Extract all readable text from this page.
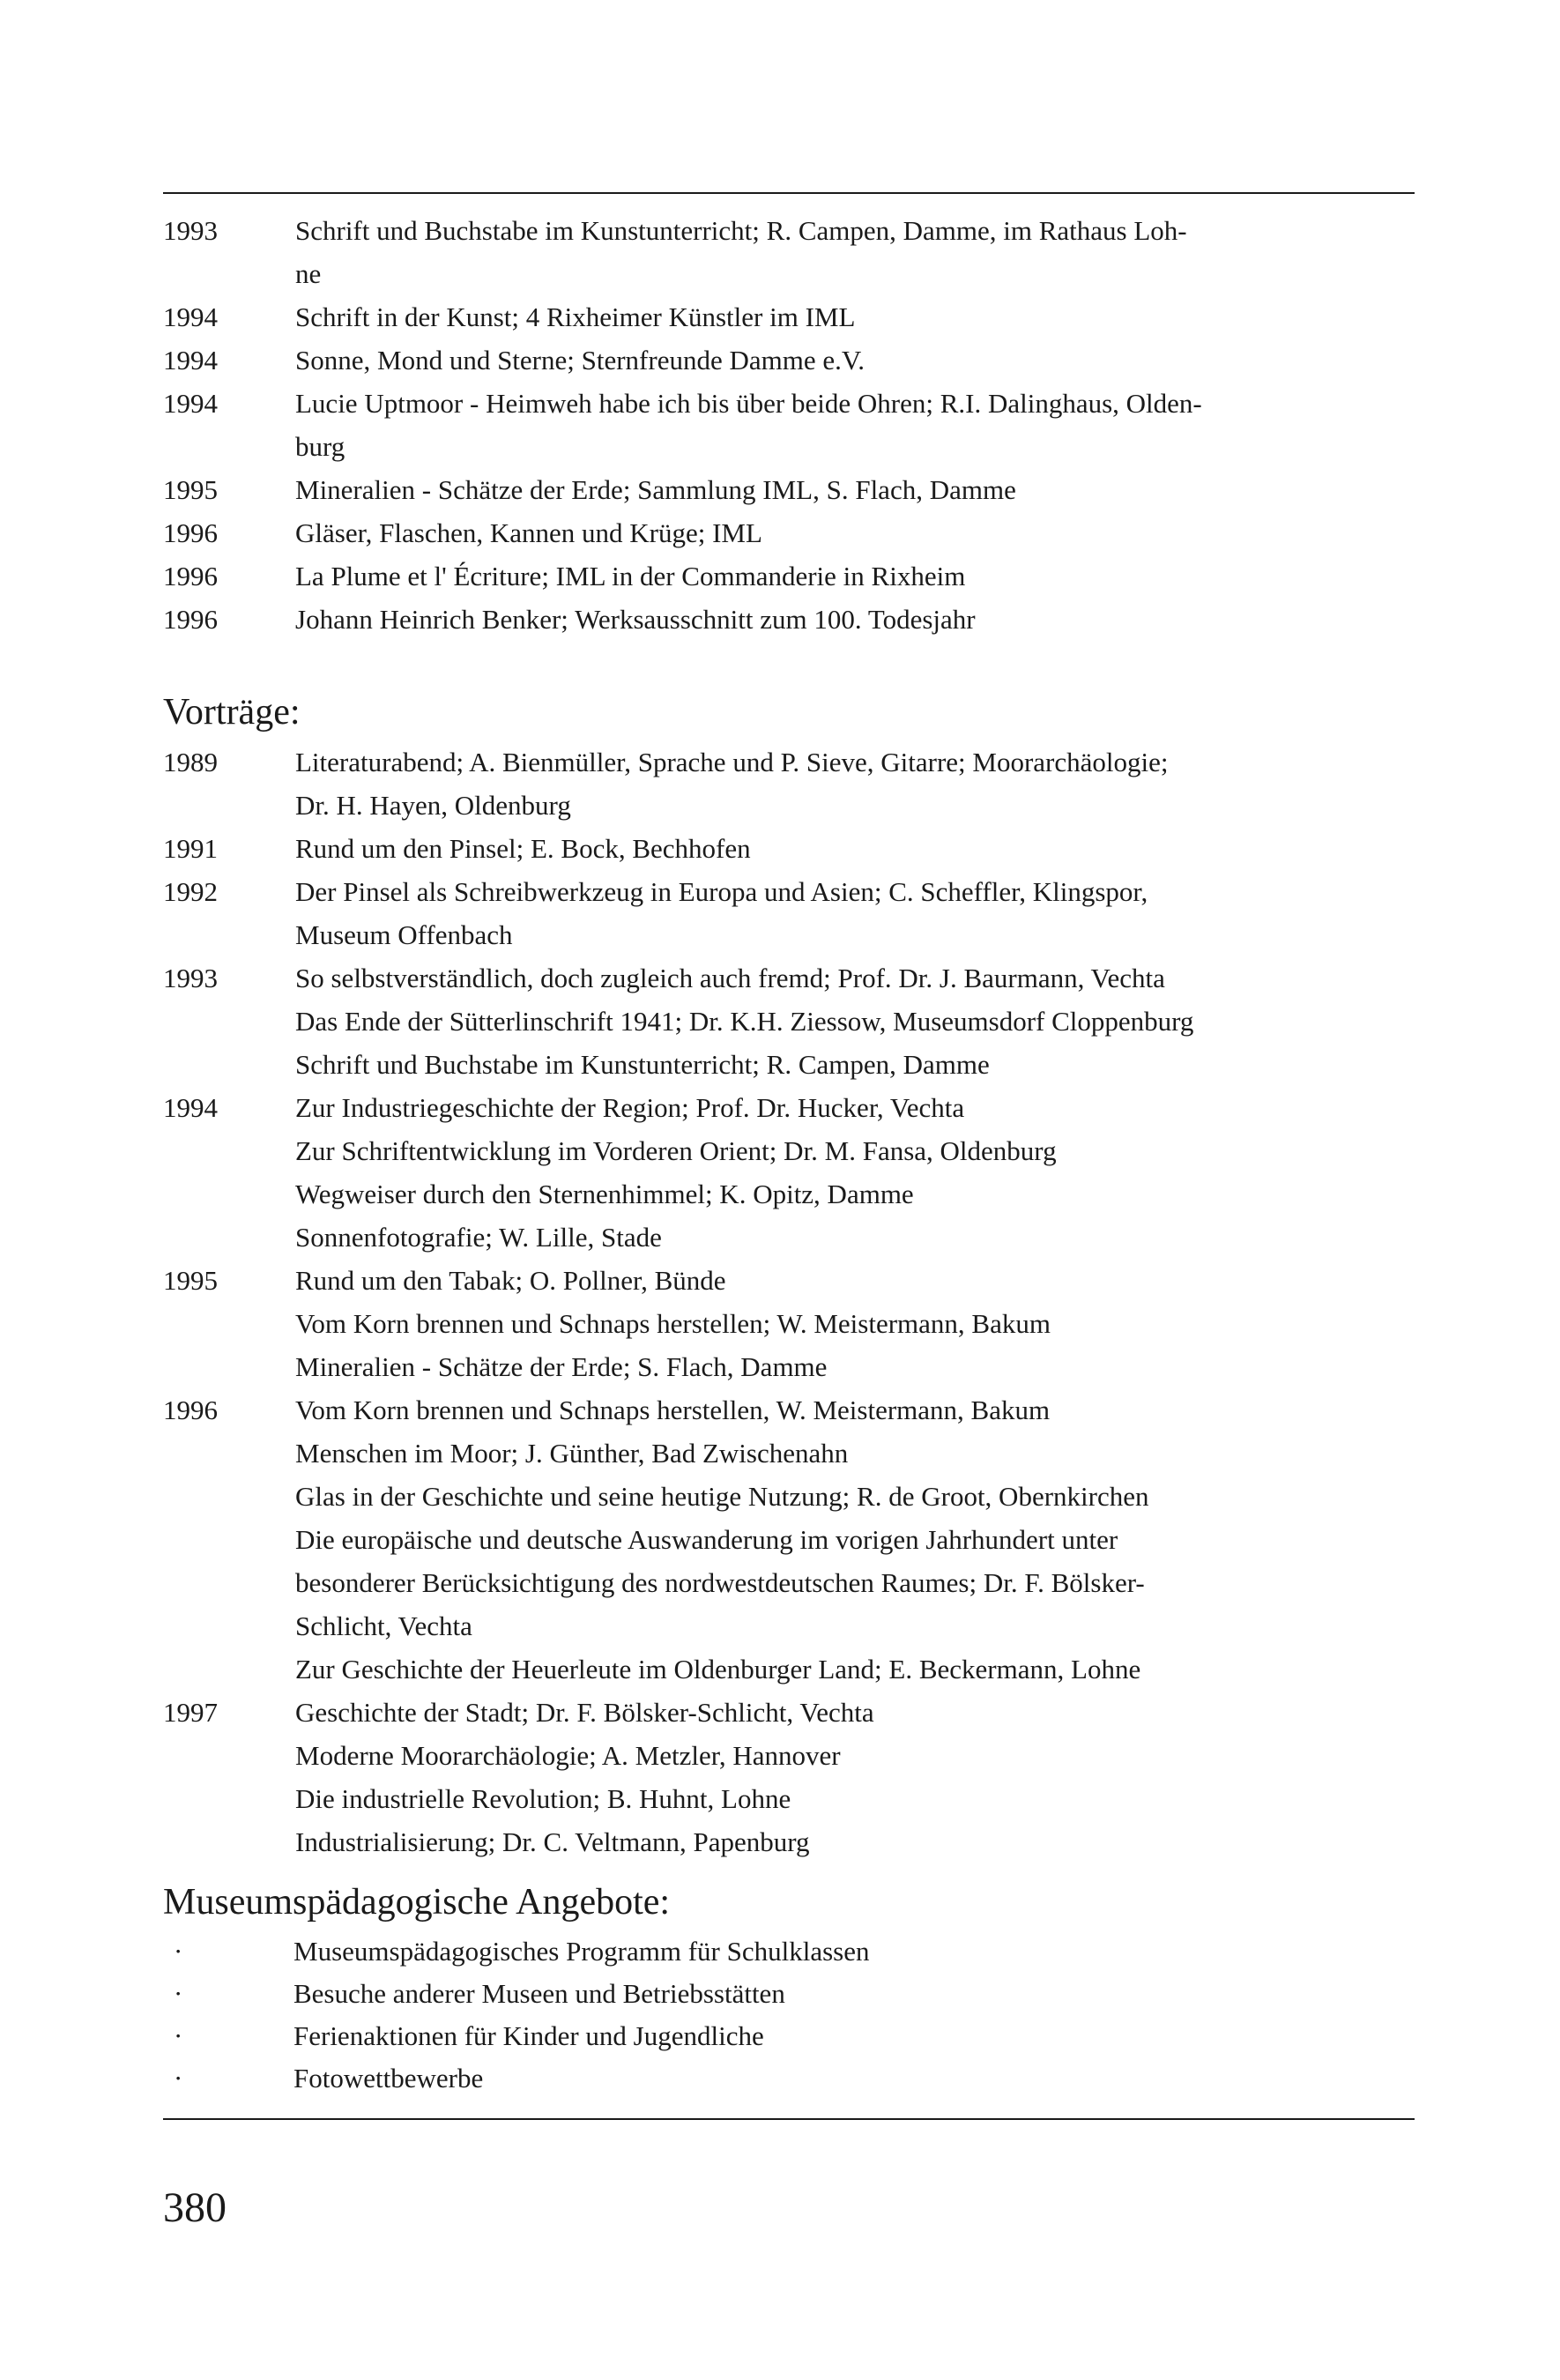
1993	Schrift und Buchstabe im Kunstunterricht; R. Campen, Damme, im Rathaus Loh-
ne
1994	Schrift in der Kunst; 4 Rixheimer Künstler im IML
1994	Sonne, Mond und Sterne; Sternfreunde Damme e.V.
1994	Lucie Uptmoor - Heimweh habe ich bis über beide Ohren; R.I. Dalinghaus, Olden-
burg
1995	Mineralien - Schätze der Erde; Sammlung IML, S. Flach, Damme
1996	Gläser, Flaschen, Kannen und Krüge; IML
1996	La Plume et l' Écriture; IML in der Commanderie in Rixheim
1996	Johann Heinrich Benker; Werksausschnitt zum 100. Todesjahr
Vorträge:
1989	Literaturabend; A. Bienmüller, Sprache und P. Sieve, Gitarre; Moorarchäologie;
Dr. H. Hayen, Oldenburg
1991	Rund um den Pinsel; E. Bock, Bechhofen
1992	Der Pinsel als Schreibwerkzeug in Europa und Asien; C. Scheffler, Klingspor,
Museum Offenbach
1993	So selbstverständlich, doch zugleich auch fremd; Prof. Dr. J. Baurmann, Vechta
Das Ende der Sütterlinschrift 1941; Dr. K.H. Ziessow, Museumsdorf Cloppenburg
Schrift und Buchstabe im Kunstunterricht; R. Campen, Damme
1994	Zur Industriegeschichte der Region; Prof. Dr. Hucker, Vechta
Zur Schriftentwicklung im Vorderen Orient; Dr. M. Fansa, Oldenburg
Wegweiser durch den Sternenhimmel; K. Opitz, Damme
Sonnenfotografie; W. Lille, Stade
1995	Rund um den Tabak; O. Pollner, Bünde
Vom Korn brennen und Schnaps herstellen; W. Meistermann, Bakum
Mineralien - Schätze der Erde; S. Flach, Damme
1996	Vom Korn brennen und Schnaps herstellen, W. Meistermann, Bakum
Menschen im Moor; J. Günther, Bad Zwischenahn
Glas in der Geschichte und seine heutige Nutzung; R. de Groot, Obernkirchen
Die europäische und deutsche Auswanderung im vorigen Jahrhundert unter
besonderer Berücksichtigung des nordwestdeutschen Raumes; Dr. F. Bölsker-
Schlicht, Vechta
Zur Geschichte der Heuerleute im Oldenburger Land; E. Beckermann, Lohne
1997	Geschichte der Stadt; Dr. F. Bölsker-Schlicht, Vechta
Moderne Moorarchäologie; A. Metzler, Hannover
Die industrielle Revolution; B. Huhnt, Lohne
Industrialisierung; Dr. C. Veltmann, Papenburg
Museumspädagogische Angebote:
·	Museumspädagogisches Programm für Schulklassen
·	Besuche anderer Museen und Betriebsstätten
·	Ferienaktionen für Kinder und Jugendliche
·	Fotowettbewerbe
380
